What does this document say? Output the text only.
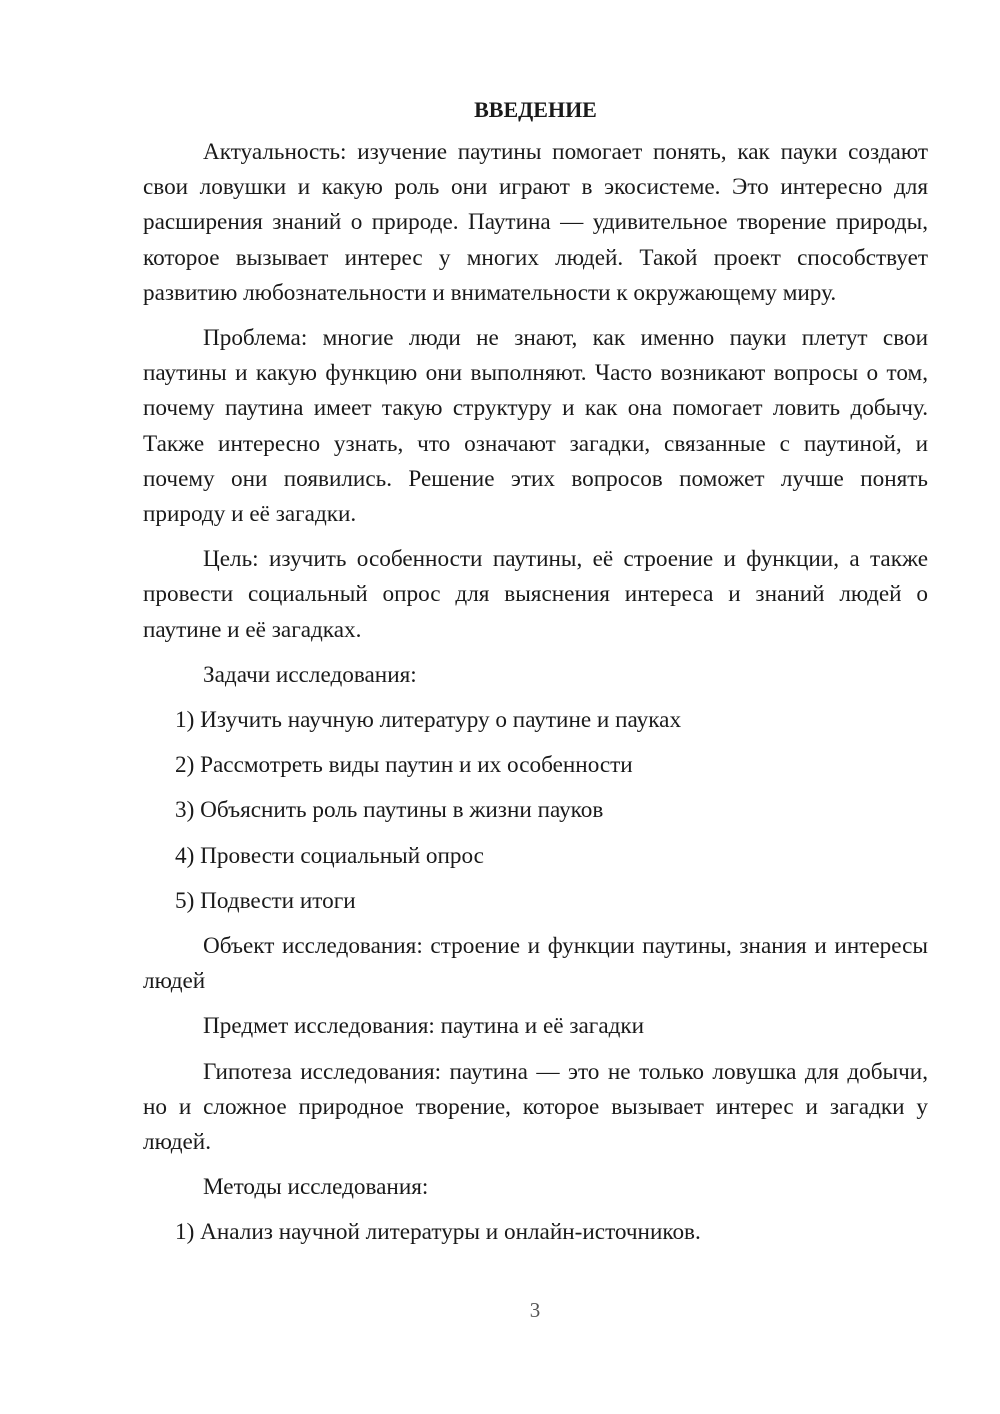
ВВЕДЕНИЕ

Актуальность: изучение паутины помогает понять, как пауки создают свои ловушки и какую роль они играют в экосистеме. Это интересно для расширения знаний о природе. Паутина — удивительное творение природы, которое вызывает интерес у многих людей. Такой проект способствует развитию любознательности и внимательности к окружающему миру.

Проблема: многие люди не знают, как именно пауки плетут свои паутины и какую функцию они выполняют. Часто возникают вопросы о том, почему паутина имеет такую структуру и как она помогает ловить добычу. Также интересно узнать, что означают загадки, связанные с паутиной, и почему они появились. Решение этих вопросов поможет лучше понять природу и её загадки.

Цель: изучить особенности паутины, её строение и функции, а также провести социальный опрос для выяснения интереса и знаний людей о паутине и её загадках.

Задачи исследования:
1) Изучить научную литературу о паутине и пауках
2) Рассмотреть виды паутин и их особенности
3) Объяснить роль паутины в жизни пауков
4) Провести социальный опрос
5) Подвести итоги

Объект исследования: строение и функции паутины, знания и интересы людей

Предмет исследования: паутина и её загадки

Гипотеза исследования: паутина — это не только ловушка для добычи, но и сложное природное творение, которое вызывает интерес и загадки у людей.

Методы исследования:
1) Анализ научной литературы и онлайн-источников.
3
